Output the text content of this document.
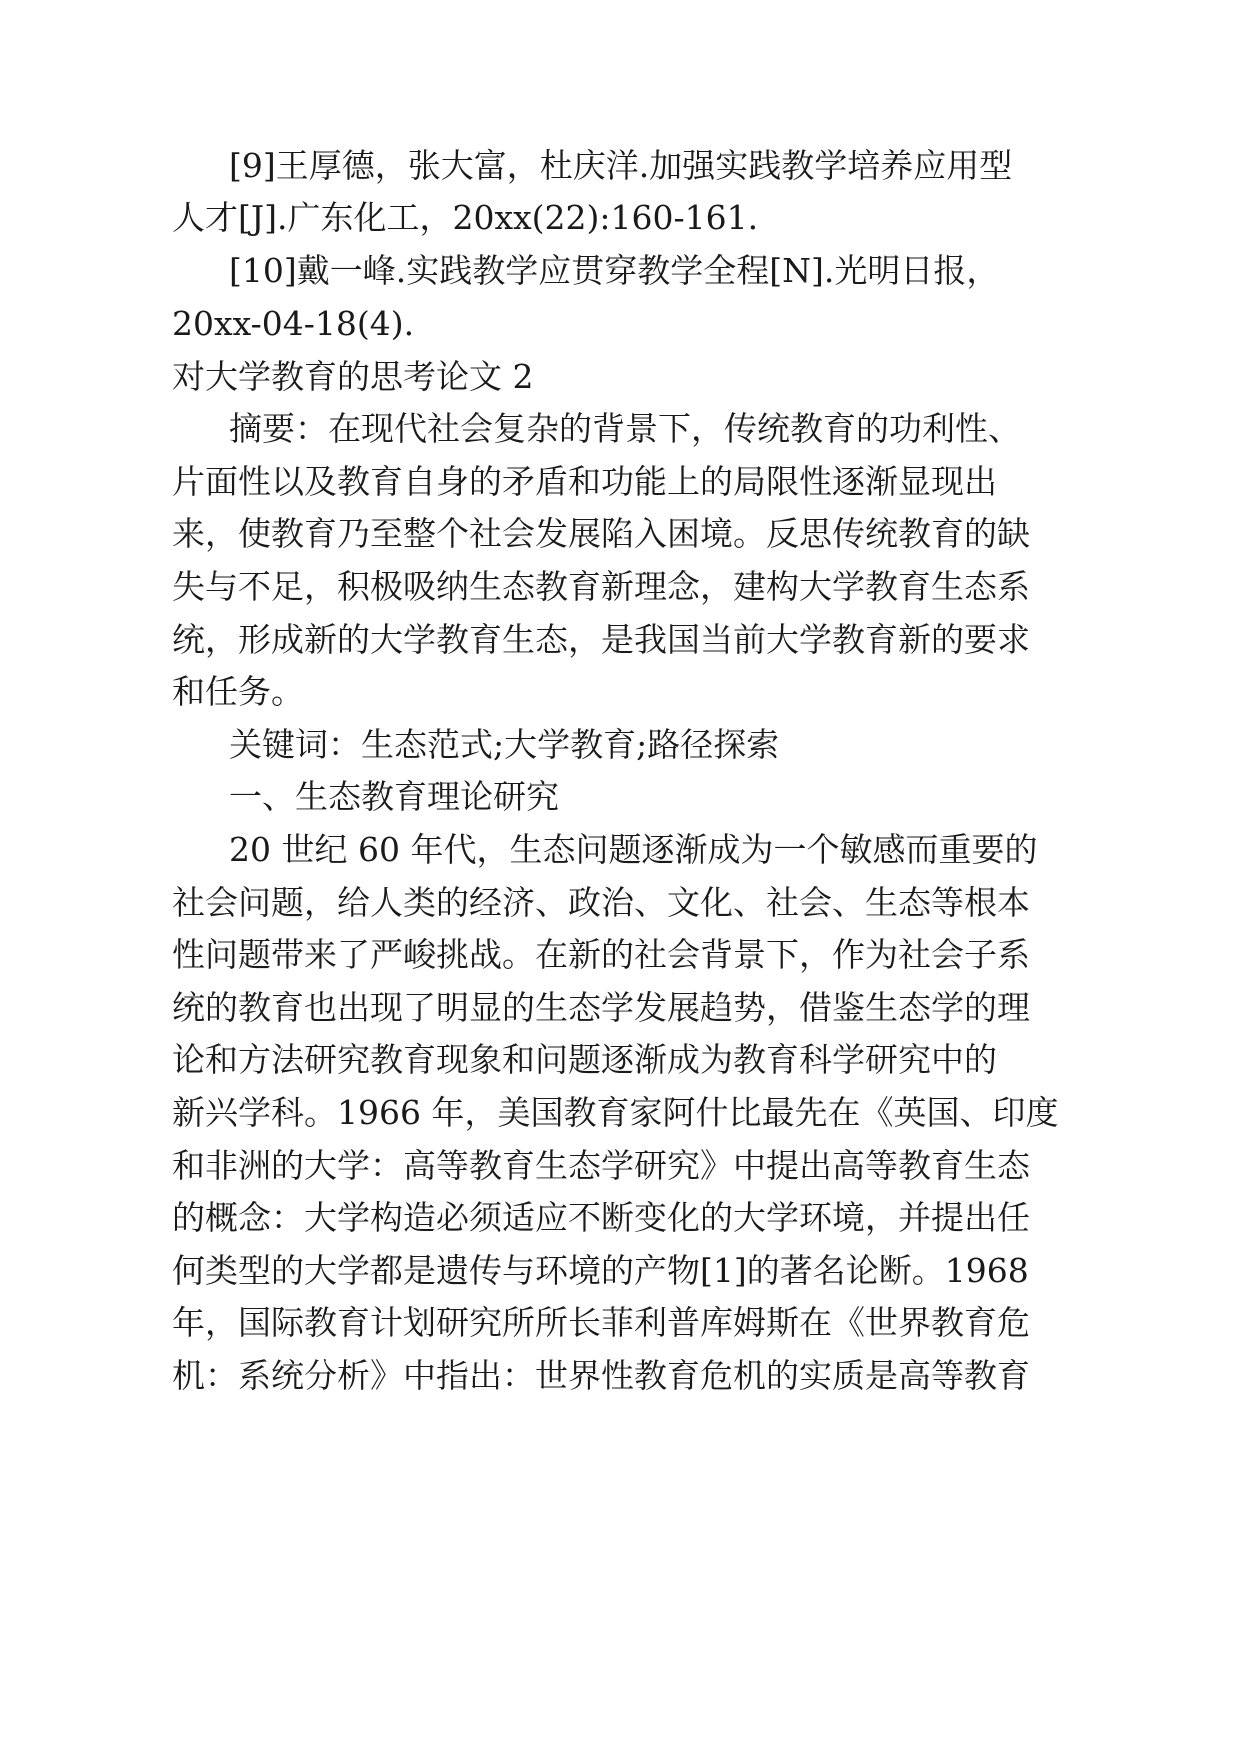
[9]王厚德，张大富，杜庆洋.加强实践教学培养应用型
人才[J].广东化工，20xx(22):160-161.
[10]戴一峰.实践教学应贯穿教学全程[N].光明日报，
20xx-04-18(4).
对大学教育的思考论文 2
摘要：在现代社会复杂的背景下，传统教育的功利性、
片面性以及教育自身的矛盾和功能上的局限性逐渐显现出
来，使教育乃至整个社会发展陷入困境。反思传统教育的缺
失与不足，积极吸纳生态教育新理念，建构大学教育生态系
统，形成新的大学教育生态，是我国当前大学教育新的要求
和任务。
关键词：生态范式;大学教育;路径探索
一、生态教育理论研究
20 世纪 60 年代，生态问题逐渐成为一个敏感而重要的
社会问题，给人类的经济、政治、文化、社会、生态等根本
性问题带来了严峻挑战。在新的社会背景下，作为社会子系
统的教育也出现了明显的生态学发展趋势，借鉴生态学的理
论和方法研究教育现象和问题逐渐成为教育科学研究中的
新兴学科。1966 年，美国教育家阿什比最先在《英国、印度
和非洲的大学：高等教育生态学研究》中提出高等教育生态
的概念：大学构造必须适应不断变化的大学环境，并提出任
何类型的大学都是遗传与环境的产物[1]的著名论断。1968
年，国际教育计划研究所所长菲利普库姆斯在《世界教育危
机：系统分析》中指出：世界性教育危机的实质是高等教育
